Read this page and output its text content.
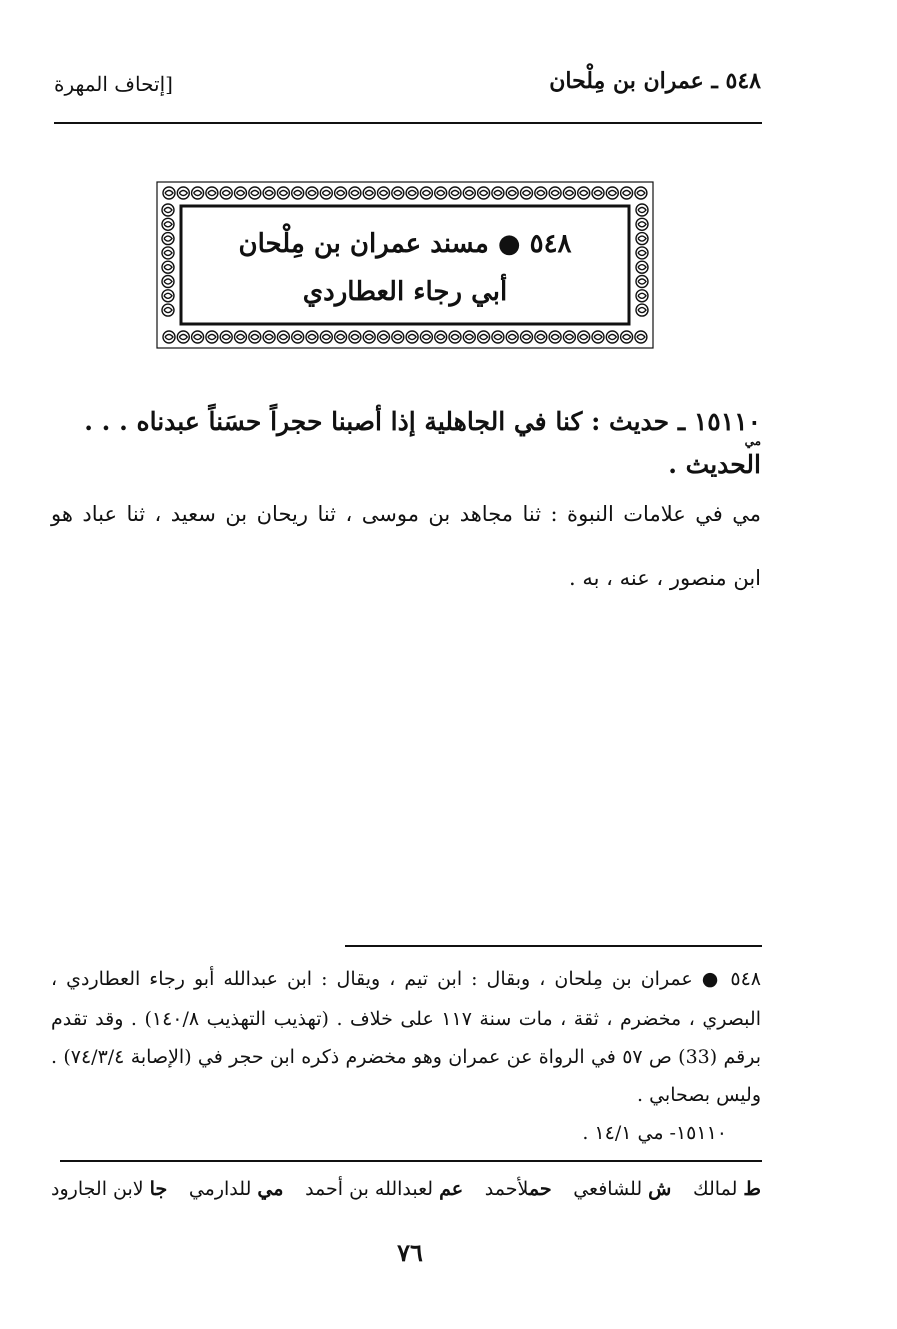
٥٤٨ ـ عمران بن مِلْحان
[إتحاف المهرة
٥٤٨ ● مسند عمران بن مِلْحان
أبي رجاء العطاردي
١٥١١٠ ـ حديث : كنا في الجاهلية إذا أصبنا حجراً حسَناً عبدناه . . .
مي
الحديث .
مي في علامات النبوة : ثنا مجاهد بن موسى ، ثنا ريحان بن سعيد ، ثنا عباد هو
ابن منصور ، عنه ، به .
٥٤٨ ● عمران بن مِلحان ، وبقال : ابن تيم ، ويقال : ابن عبدالله أبو رجاء العطاردي ،
البصري ، مخضرم ، ثقة ، مات سنة ١١٧ على خلاف . (تهذيب التهذيب ١٤٠/٨) . وقد تقدم
برقم (33) ص ٥٧ في الرواة عن عمران وهو مخضرم ذكره ابن حجر في (الإصابة ٧٤/٣/٤) .
وليس بصحابي .
١٥١١٠- مي ١٤/١ .
ط لمالك
ش للشافعي
حملأحمد
عم لعبدالله بن أحمد
مي للدارمي
جا لابن الجارود
٧٦
